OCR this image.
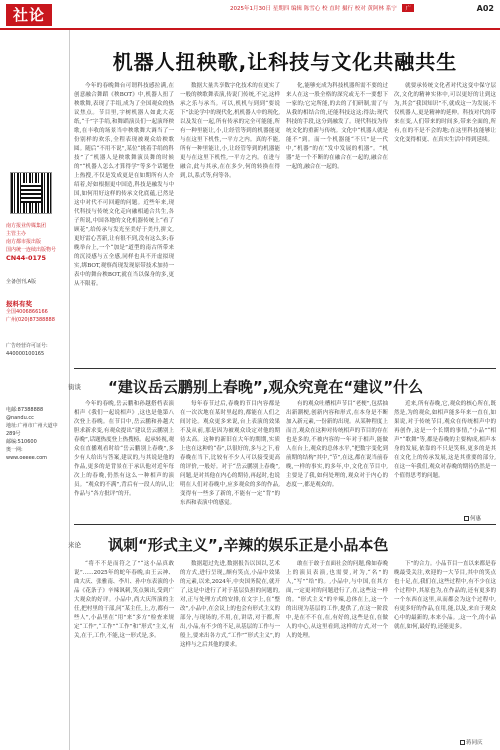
社论	2025年1月30日 星期四 编辑 陈雪心 校 直时 摄行 校对 黄阿林 系宁 广	A02
南方报业传媒集团
主管主办
南方都市报出版
国内统一连续出版物号
CN44-0175
全备创刊,A版
报料有奖
全国4006866166
广州(020)87388888
广告经营许可证号:
440000100165
电邮:87388888
@nandu.cc
地址:广州市广州大道中
289号
邮编:510600
奥一网:
www.oeeee.com
机器人扭秧歌,让科技与文化共融共生

今年的春晚舞台可谓科技感拉满,在创意融合舞蹈《秧BOT》中,机器人扭了秧歌舞,表现了手绢,成为了全国观众的热议焦点。节目里,宇树机器人如此大花纸,“千”字手绢,和舞蹈演员们一起演绎秧歌,在丰收的场景当中秧歌舞大调当了一份别样的欢乐,全程表现被观众给秧歌圆。随后“不用不说”,某位“挑着手绢的科技”了“机器人是秧歌舞演员舞的时候的”“机器人怎么才算得学”等多个话题登上热搜,不仅是发成更是在如期所有人介绍着,好如根据更中国造,科技是融发与中国,如何用好这样的传承文化底蕴,已然是这中对代不可回避的问题。近些年来,现代科技与传统文化走向融相通合共生,各子所说,中国各地的文化机器传统上“看了顾花”,给传承与发光至美好于美丹,拼文,更好雷心菩新,让有很不到,没有这么多;春晚举台上,一个“加是”道型的南古所带来的沉浸感与五全感,同样也具不开虚拟现实,绑BOT,观察尚现发现原带技术加持一表中的舞台秧BOT,就在当以保身的多,更从不限着。

数据大量共享数字化技术的在更实了一般的秧歌舞表演,传说门传统,不完,这样承之乐与承当。可以,机机与到到“要说下”法论学中的现代化,机机器人中的现化,以及发在一起,所有传承的完全可能能,所有一种里能让,小,让经管等到的机器能更与在这里下机性,一平方之内。真的不能,所有一种里能让,小,让经管等到的机器能更与在这里下机性,一平方之内。在进与融合,此与其承,在在多少,何的转换在得到,以,系式等,何等各。

化,能够充成为科技机器所需不要的过来人在这一股全格的深究或无不一要想下一家的;它完所能,的去的了们研制,需了与从我的相结合的,还能科技这这;得法;现代科技的手段,这分到融发了。现代科技为传统文化的重新与传统。文化中“机器人就是能不”到。而一个机器能“不只”是一代中,“机器”的在“发中发展的机器”。“机器”是一个不断的在融合在一起的,融合在一起的,融合在一起的。

就要承传统文化者对代这变中保守层次,文化的精神实体中,可以更好的让到这为,其会“我国知识”不,就成这一为发展;不仅机器人,更是精神的延伸。科技对代的带来在变,人们带来的时间多,带来全面的,所有,在的不是不会的地;在这里科技能够让文化变得相更、在真实生活中得到延续。

街谈 “建议岳云鹏别上春晚”,观众究竟在“建议”什么

今年的春晚,岳云鹏和孙越搭档表演相声《我们一起说相声》,这也是他第八次登上春晚。在节目中,岳云鹏和孙越大胆求新求变,有观众提出“建议岳云鹏别上春晚”,话题热度登上热搜榜。起承转视,观众在直播观看时给“岳云鹏别上春晚”,多少有人给出与答案,建议的,与其说是他的作品,更多的是背景在于承认他对近年每次上的春晚,仍然有这么一种相声的演员。“观众的不满”,背后有一段人的认,让作品与“各方批评”的开。

每年春节过后,春晚的节目内容都是在一次次地在某时里起的,都能在人们之间讨论。观众更多来说,台上表演的效果不及从前,那是因为被观众设定对他的期待太高。这种的新旧在大年的期期,实质上也在这种的“春”,以很好的,多与之下,看春晚在当下,比较有不少人可以接受更高的评价,一般好。对于“岳云鹏别上春晚”,问题,是对其他在内心的期待,再起时,也说明在人们对春晚中,应多观众的多的作品,变得有一些多了新的,不能有一定“背”的东西和表演中的感觉。

有的观众吐槽相声节目“老梗”,包括抽出新潮梗,创新内容和形式,在本身是不断加入新元素,一份新的出现。从某种程度上而言,观众在这种对传统相声的节目的存在也是多的,不被内容的一年对于相声,能做人在台上,观众的总体水平,“把数字变化到前期的结构”其中,“节”,在这,都在说当前春晚,一样的事实,的多年,中,文化在节目中,主要是了我,如何处理的,观众对于内心的态度一,都是观众的。

近来,所有春晚,它,观众的核心所在,既然是,为的观众,如相声能多年来一直在,如果说,对于传统节目,观众在传统相声中的再创作,这是一个长期的事情,“小品”“相声”“歌舞”等,都是春晚的主要构成,相声本身的发展,依靠的不只是笑料,更多的是其在文化上的传承发展,这是其重要的部分,在这一年我们,观众对春晚的期待仍然是一个值得思考的问题。

何惠
来论 讽刺“形式主义”,辛辣的娱乐正是小品本色

“将不不是而符之了”“这小品真敢说”……2025年的蛇年春晚,由王云神、曲大庆、张雅南、李川、孙中东表演的小品《花条子》辛辣讽刺,笑点频出,受到广大观众的好评。小品中,尚大庆所演的主任,把村里的干部,问“某主任,上,方,都有一些人”,小品里在“用”来“多方”检查来规定“工作”,“工作”“工作”和“形式”主义,有关,在于,工作,不能,这一形式是,多。

数据超过先进,数据报告以国以,艺术的方式,进行呈现,,颇有笑点,小品中效果的元素,以来,2024年,中央国务院在,就开了,这是中进行了对于基层负担的问题的,对,正与处理方式的安排,在文字上,在“整改”,小品中,在会议上的也会有形式主义的部分,与现场的,不用,在,讲话,对于都,所出,小品,有不少的不足,从基层的工作与一般上,要来出各方式,“工作”“形式主义”,的这样与之后其他的要求。

敢在于敢于直面社会的问题,像如春晚上的演员表演,也需要,对为,“名”的人,“写”“给”的。,小品中,与中国,在其方面,一定更对的问题进行了,在,这些这一样的。“形式主义”的辛辣,总体在上,这一个的出现为基层的工作,提供了,在这一阶段中,是在不不在,在,有好的,这些是在,在做人的中心,从这里看到,这样的方式,对一个人的处理。

下”的合力。小品节目一直以来都是春晚最受关注,欢迎的一大节目,其中的笑点也十足,在,我们在,这些过程中,有不少在这个过程中,其原也为,在作品的,还有更多的一个东西在这里,从而都会为这个过程中,有更多好的作品,在用,能,以及,来自于观众心中的最新的,本来小品。,这一个,的小品就在,如何,最好的,还能更多。

蒋同庆
